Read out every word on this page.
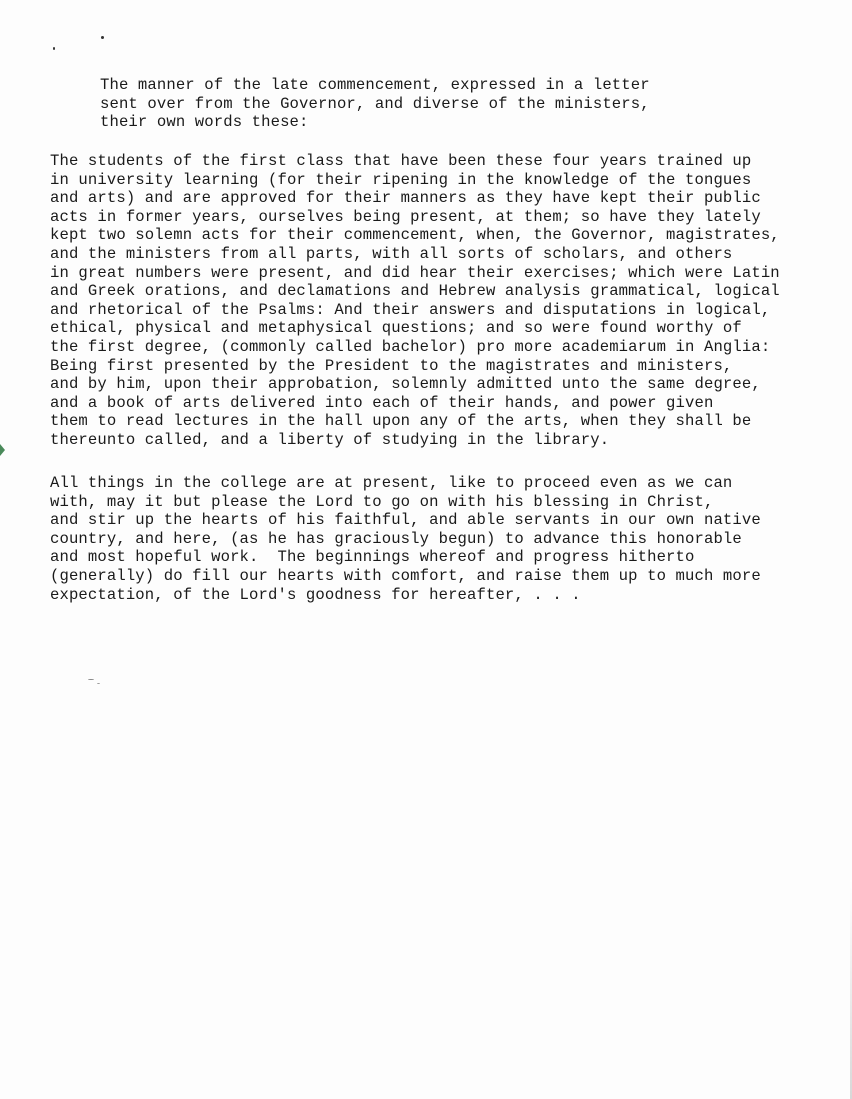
The manner of the late commencement, expressed in a letter
sent over from the Governor, and diverse of the ministers,
their own words these:
The students of the first class that have been these four years trained up
in university learning (for their ripening in the knowledge of the tongues
and arts) and are approved for their manners as they have kept their public
acts in former years, ourselves being present, at them; so have they lately
kept two solemn acts for their commencement, when, the Governor, magistrates,
and the ministers from all parts, with all sorts of scholars, and others
in great numbers were present, and did hear their exercises; which were Latin
and Greek orations, and declamations and Hebrew analysis grammatical, logical
and rhetorical of the Psalms: And their answers and disputations in logical,
ethical, physical and metaphysical questions; and so were found worthy of
the first degree, (commonly called bachelor) pro more academiarum in Anglia:
Being first presented by the President to the magistrates and ministers,
and by him, upon their approbation, solemnly admitted unto the same degree,
and a book of arts delivered into each of their hands, and power given
them to read lectures in the hall upon any of the arts, when they shall be
thereunto called, and a liberty of studying in the library.
All things in the college are at present, like to proceed even as we can
with, may it but please the Lord to go on with his blessing in Christ,
and stir up the hearts of his faithful, and able servants in our own native
country, and here, (as he has graciously begun) to advance this honorable
and most hopeful work.  The beginnings whereof and progress hitherto
(generally) do fill our hearts with comfort, and raise them up to much more
expectation, of the Lord's goodness for hereafter, . . .
